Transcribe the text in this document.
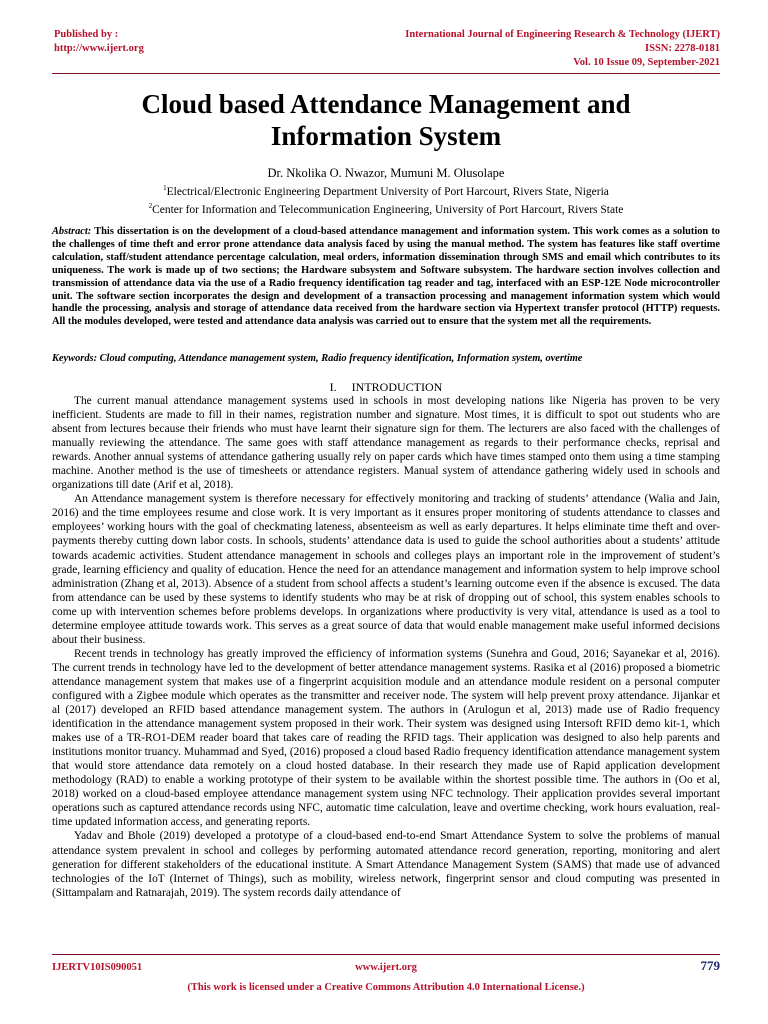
Published by :
http://www.ijert.org
International Journal of Engineering Research & Technology (IJERT)
ISSN: 2278-0181
Vol. 10 Issue 09, September-2021
Cloud based Attendance Management and
Information System
Dr. Nkolika O. Nwazor, Mumuni M. Olusolape
$^1$Electrical/Electronic Engineering Department University of Port Harcourt, Rivers State, Nigeria
$^2$Center for Information and Telecommunication Engineering, University of Port Harcourt, Rivers State
Abstract: This dissertation is on the development of a cloud-based attendance management and information system. This work comes as a solution to the challenges of time theft and error prone attendance data analysis faced by using the manual method. The system has features like staff overtime calculation, staff/student attendance percentage calculation, meal orders, information dissemination through SMS and email which contributes to its uniqueness. The work is made up of two sections; the Hardware subsystem and Software subsystem. The hardware section involves collection and transmission of attendance data via the use of a Radio frequency identification tag reader and tag, interfaced with an ESP-12E Node microcontroller unit. The software section incorporates the design and development of a transaction processing and management information system which would handle the processing, analysis and storage of attendance data received from the hardware section via Hypertext transfer protocol (HTTP) requests. All the modules developed, were tested and attendance data analysis was carried out to ensure that the system met all the requirements.
Keywords: Cloud computing, Attendance management system, Radio frequency identification, Information system, overtime
I. INTRODUCTION

The current manual attendance management systems used in schools in most developing nations like Nigeria has proven to be very inefficient. Students are made to fill in their names, registration number and signature. Most times, it is difficult to spot out students who are absent from lectures because their friends who must have learnt their signature sign for them. The lecturers are also faced with the challenges of manually reviewing the attendance. The same goes with staff attendance management as regards to their performance checks, reprisal and rewards. Another annual systems of attendance gathering usually rely on paper cards which have times stamped onto them using a time stamping machine. Another method is the use of timesheets or attendance registers. Manual system of attendance gathering widely used in schools and organizations till date (Arif et al, 2018).

An Attendance management system is therefore necessary for effectively monitoring and tracking of students’ attendance (Walia and Jain, 2016) and the time employees resume and close work. It is very important as it ensures proper monitoring of students attendance to classes and employees’ working hours with the goal of checkmating lateness, absenteeism as well as early departures. It helps eliminate time theft and over-payments thereby cutting down labor costs. In schools, students’ attendance data is used to guide the school authorities about a students’ attitude towards academic activities. Student attendance management in schools and colleges plays an important role in the improvement of student’s grade, learning efficiency and quality of education. Hence the need for an attendance management and information system to help improve school administration (Zhang et al, 2013). Absence of a student from school affects a student’s learning outcome even if the absence is excused. The data from attendance can be used by these systems to identify students who may be at risk of dropping out of school, this system enables schools to come up with intervention schemes before problems develops. In organizations where productivity is very vital, attendance is used as a tool to determine employee attitude towards work. This serves as a great source of data that would enable management make useful informed decisions about their business.

Recent trends in technology has greatly improved the efficiency of information systems (Sunehra and Goud, 2016; Sayanekar et al, 2016). The current trends in technology have led to the development of better attendance management systems. Rasika et al (2016) proposed a biometric attendance management system that makes use of a fingerprint acquisition module and an attendance module resident on a personal computer configured with a Zigbee module which operates as the transmitter and receiver node. The system will help prevent proxy attendance. Jijankar et al (2017) developed an RFID based attendance management system. The authors in (Arulogun et al, 2013) made use of Radio frequency identification in the attendance management system proposed in their work. Their system was designed using Intersoft RFID demo kit-1, which makes use of a TR-RO1-DEM reader board that takes care of reading the RFID tags. Their application was designed to also help parents and institutions monitor truancy. Muhammad and Syed, (2016) proposed a cloud based Radio frequency identification attendance management system that would store attendance data remotely on a cloud hosted database. In their research they made use of Rapid application development methodology (RAD) to enable a working prototype of their system to be available within the shortest possible time. The authors in (Oo et al, 2018) worked on a cloud-based employee attendance management system using NFC technology. Their application provides several important operations such as captured attendance records using NFC, automatic time calculation, leave and overtime checking, work hours evaluation, real-time updated information access, and generating reports.

Yadav and Bhole (2019) developed a prototype of a cloud-based end-to-end Smart Attendance System to solve the problems of manual attendance system prevalent in school and colleges by performing automated attendance record generation, reporting, monitoring and alert generation for different stakeholders of the educational institute. A Smart Attendance Management System (SAMS) that made use of advanced technologies of the IoT (Internet of Things), such as mobility, wireless network, fingerprint sensor and cloud computing was presented in (Sittampalam and Ratnarajah, 2019). The system records daily attendance of

IJERTV10IS090051	www.ijert.org	779
(This work is licensed under a Creative Commons Attribution 4.0 International License.)
